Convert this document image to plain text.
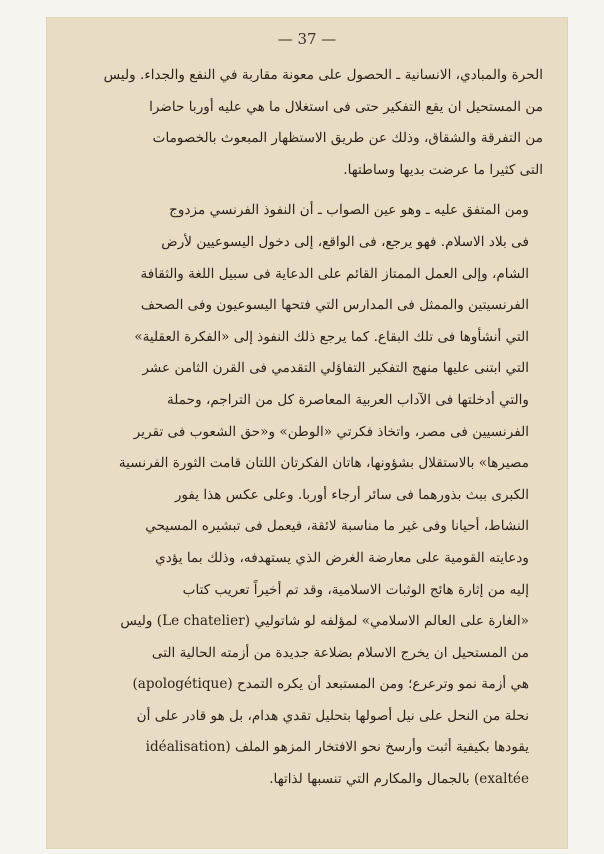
— 37 —

الحرة والمبادي، الانسانية ـ الحصول على معونة مقاربة في النفع والجداء. وليس
من المستحيل ان يقع التفكير حتى فى استغلال ما هي عليه أوربا حاضرا
من التفرقة والشقاق، وذلك عن طريق الاستظهار المبعوث بالخصومات
التى كثيرا ما عرضت بديها وساطتها.

ومن المتفق عليه ـ وهو عين الصواب ـ أن النفوذ الفرنسي مزدوج
فى بلاد الاسلام. فهو يرجع، فى الواقع، إلى دخول اليسوعيين لأرض
الشام، وإلى العمل الممتاز القائم على الدعاية فى سبيل اللغة والثقافة
الفرنسيتين والممثل فى المدارس التي فتحها اليسوعيون وفى الصحف
التي أنشأوها فى تلك البقاع. كما يرجع ذلك النفوذ إلى «الفكرة العقلية»
التي ابتنى عليها منهج التفكير التفاؤلي التقدمي فى القرن الثامن عشر
والتي أدخلتها فى الآداب العربية المعاصرة كل من التراجم، وحملة
الفرنسيين فى مصر، واتخاذ فكرتي «الوطن» و«حق الشعوب فى تقرير
مصيرها» بالاستقلال بشؤونها، هاتان الفكرتان اللتان قامت الثورة الفرنسية
الكبرى ببث بذورهما فى سائر أرجاء أوربا. وعلى عكس هذا يفور
النشاط، أحيانا وفى غير ما مناسبة لائقة، فيعمل فى تبشيره المسيحي
ودعايته القومية على معارضة الغرض الذي يستهدفه، وذلك بما يؤدي
إليه من إثارة هائج الوثبات الاسلامية، وقد تم أخيراً تعريب كتاب
«الغارة على العالم الاسلامي» لمؤلفه لو شاتوليي (Le chatelier) وليس
من المستحيل ان يخرج الاسلام بضلاعة جديدة من أزمته الحالية التى
هي أزمة نمو وترعرع؛ ومن المستبعد أن يكره التمدح (apologétique)
نحلة من النحل على نيل أصولها بتحليل تقدي هدام، بل هو قادر على أن
يقودها بكيفية أثبت وأرسخ نحو الافتخار المزهو الملف (idéalisation
exaltée) بالجمال والمكارم التي تنسبها لذاتها.
